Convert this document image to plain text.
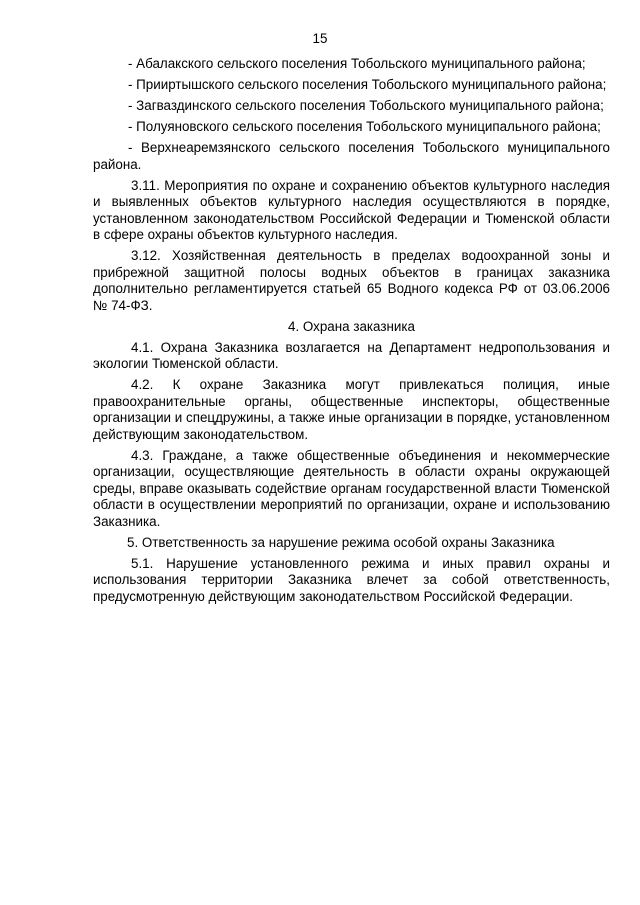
15

- Абалакского сельского поселения Тобольского муниципального района;

- Прииртышского сельского поселения Тобольского муниципального района;

- Загваздинского сельского поселения Тобольского муниципального района;

- Полуяновского сельского поселения Тобольского муниципального района;

- Верхнеаремзянского сельского поселения Тобольского муниципального района.

3.11. Мероприятия по охране и сохранению объектов культурного наследия и выявленных объектов культурного наследия осуществляются в порядке, установленном законодательством Российской Федерации и Тюменской области в сфере охраны объектов культурного наследия.

3.12. Хозяйственная деятельность в пределах водоохранной зоны и прибрежной защитной полосы водных объектов в границах заказника дополнительно регламентируется статьей 65 Водного кодекса РФ от 03.06.2006 № 74-ФЗ.

4. Охрана заказника

4.1. Охрана Заказника возлагается на Департамент недропользования и экологии Тюменской области.

4.2. К охране Заказника могут привлекаться полиция, иные правоохранительные органы, общественные инспекторы, общественные организации и спецдружины, а также иные организации в порядке, установленном действующим законодательством.

4.3. Граждане, а также общественные объединения и некоммерческие организации, осуществляющие деятельность в области охраны окружающей среды, вправе оказывать содействие органам государственной власти Тюменской области в осуществлении мероприятий по организации, охране и использованию Заказника.

5. Ответственность за нарушение режима особой охраны Заказника

5.1. Нарушение установленного режима и иных правил охраны и использования территории Заказника влечет за собой ответственность, предусмотренную действующим законодательством Российской Федерации.
